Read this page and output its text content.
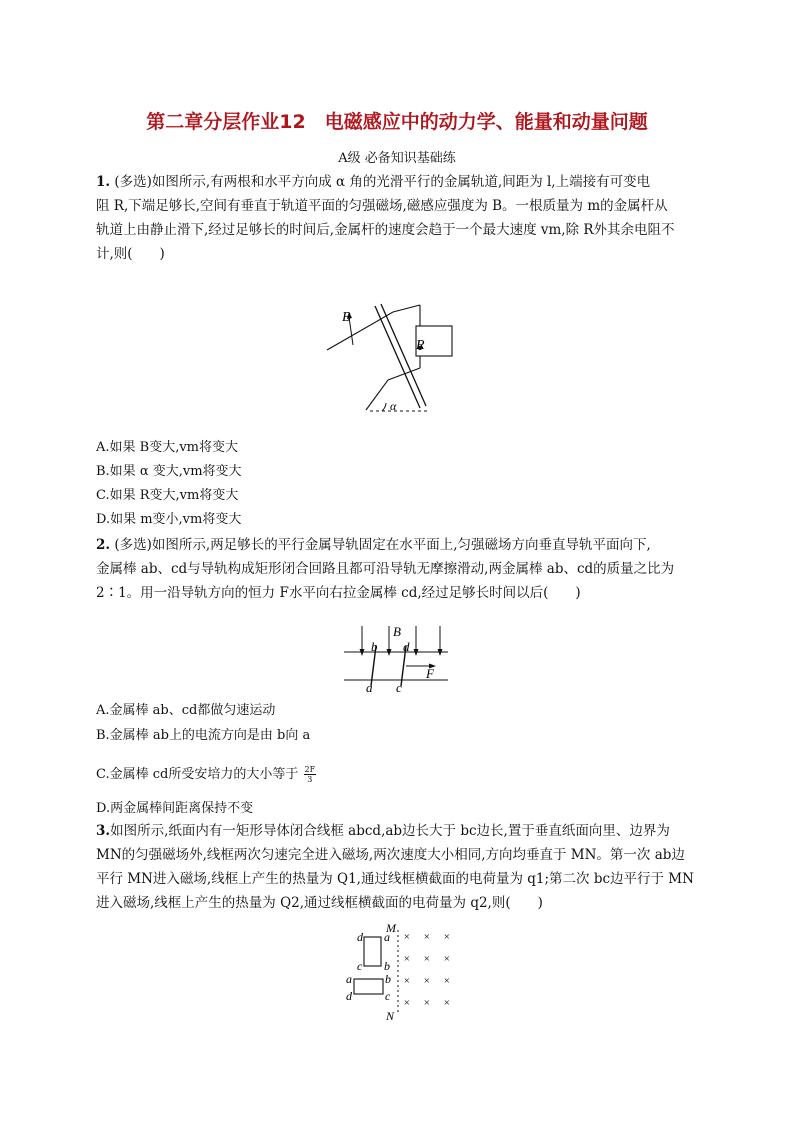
第二章分层作业12　电磁感应中的动力学、能量和动量问题
A级 必备知识基础练
1. (多选)如图所示,有两根和水平方向成 α 角的光滑平行的金属轨道,间距为 l,上端接有可变电
阻 R,下端足够长,空间有垂直于轨道平面的匀强磁场,磁感应强度为 B。一根质量为 m的金属杆从
轨道上由静止滑下,经过足够长的时间后,金属杆的速度会趋于一个最大速度 vm,除 R外其余电阻不
计,则(　　)
B
R
α
A.如果 B变大,vm将变大
B.如果 α 变大,vm将变大
C.如果 R变大,vm将变大
D.如果 m变小,vm将变大
2. (多选)如图所示,两足够长的平行金属导轨固定在水平面上,匀强磁场方向垂直导轨平面向下,
金属棒 ab、cd与导轨构成矩形闭合回路且都可沿导轨无摩擦滑动,两金属棒 ab、cd的质量之比为
2∶1。用一沿导轨方向的恒力 F水平向右拉金属棒 cd,经过足够长时间以后(　　)
B
b d
a c
F
A.金属棒 ab、cd都做匀速运动
B.金属棒 ab上的电流方向是由 b向 a
C.金属棒 cd所受安培力的大小等于 $\frac{2F}{3}$
D.两金属棒间距离保持不变
3.如图所示,纸面内有一矩形导体闭合线框 abcd,ab边长大于 bc边长,置于垂直纸面向里、边界为
MN的匀强磁场外,线框两次匀速完全进入磁场,两次速度大小相同,方向均垂直于 MN。第一次 ab边
平行 MN进入磁场,线框上产生的热量为 Q1,通过线框横截面的电荷量为 q1;第二次 bc边平行于 MN
进入磁场,线框上产生的热量为 Q2,通过线框横截面的电荷量为 q2,则(　　)
M
N
d a
c b
a	b
d	c
× × ×
× × ×
× × ×
× × ×
